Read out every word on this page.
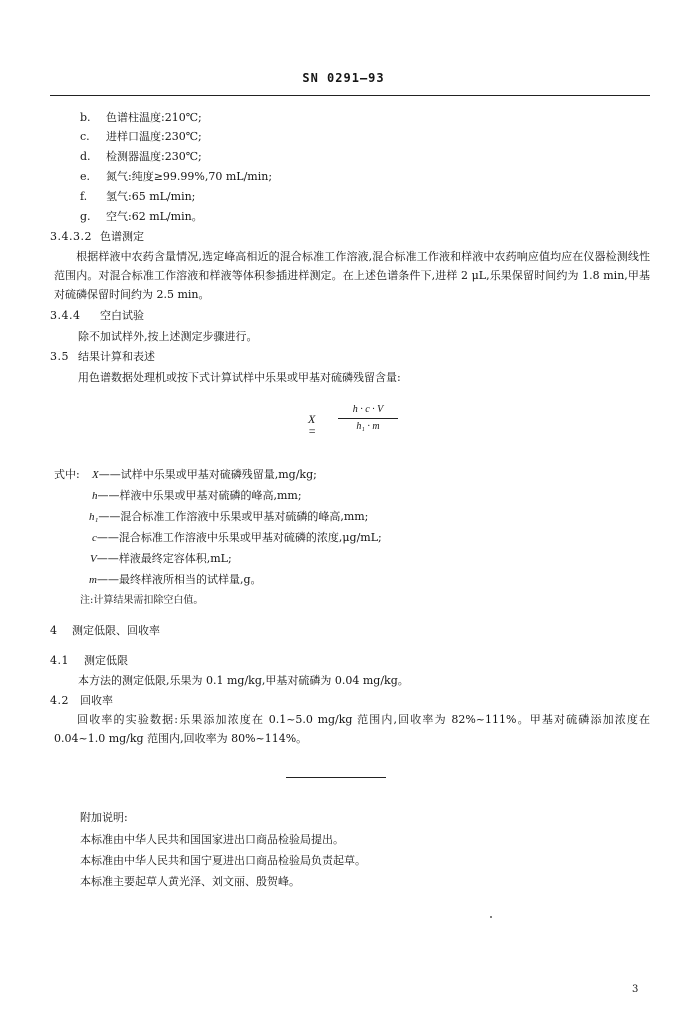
SN 0291—93
b. 色谱柱温度:210℃;
c. 进样口温度:230℃;
d. 检测器温度:230℃;
e. 氮气:纯度≥99.99%,70 mL/min;
f. 氢气:65 mL/min;
g. 空气:62 mL/min。
3.4.3.2 色谱测定
根据样液中农药含量情况,选定峰高相近的混合标准工作溶液,混合标准工作液和样液中农药响应值均应在仪器检测线性范围内。对混合标准工作溶液和样液等体积参插进样测定。在上述色谱条件下,进样 2 μL,乐果保留时间约为 1.8 min,甲基对硫磷保留时间约为 2.5 min。
3.4.4 空白试验
除不加试样外,按上述测定步骤进行。
3.5 结果计算和表述
用色谱数据处理机或按下式计算试样中乐果或甲基对硫磷残留含量:
X =
h · c · V
h₁ · m
式中: X——试样中乐果或甲基对硫磷残留量,mg/kg;
h——样液中乐果或甲基对硫磷的峰高,mm;
h₁——混合标准工作溶液中乐果或甲基对硫磷的峰高,mm;
c——混合标准工作溶液中乐果或甲基对硫磷的浓度,μg/mL;
V——样液最终定容体积,mL;
m——最终样液所相当的试样量,g。
注:计算结果需扣除空白值。
4 测定低限、回收率
4.1 测定低限
本方法的测定低限,乐果为 0.1 mg/kg,甲基对硫磷为 0.04 mg/kg。
4.2 回收率
回收率的实验数据:乐果添加浓度在 0.1~5.0 mg/kg 范围内,回收率为 82%~111%。甲基对硫磷添加浓度在 0.04~1.0 mg/kg 范围内,回收率为 80%~114%。
附加说明:
本标准由中华人民共和国国家进出口商品检验局提出。
本标准由中华人民共和国宁夏进出口商品检验局负责起草。
本标准主要起草人黄光泽、刘文丽、殷贺峰。
3
